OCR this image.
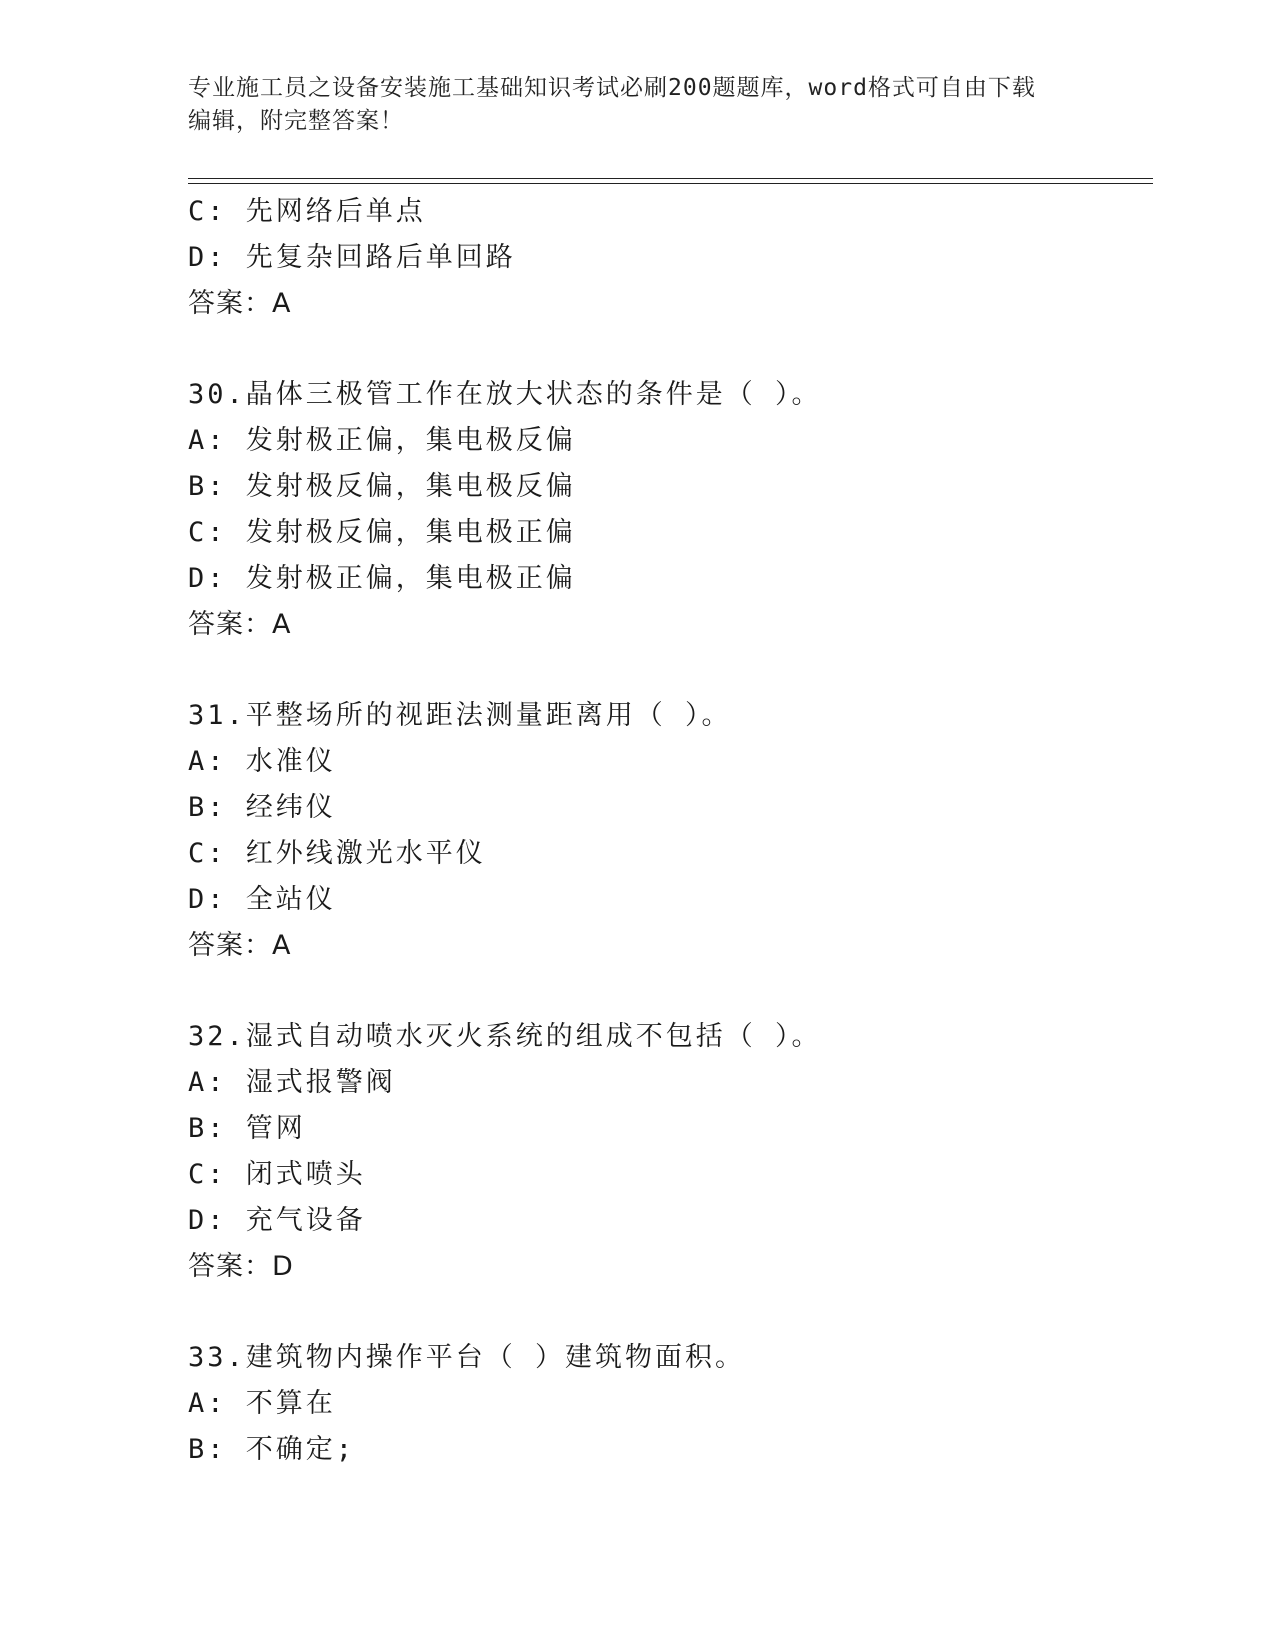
专业施工员之设备安装施工基础知识考试必刷200题题库，word格式可自由下载
编辑，附完整答案！
C: 先网络后单点
D: 先复杂回路后单回路
答案：A
30.晶体三极管工作在放大状态的条件是（ ）。
A: 发射极正偏，集电极反偏
B: 发射极反偏，集电极反偏
C: 发射极反偏，集电极正偏
D: 发射极正偏，集电极正偏
答案：A
31.平整场所的视距法测量距离用（ ）。
A: 水准仪
B: 经纬仪
C: 红外线激光水平仪
D: 全站仪
答案：A
32.湿式自动喷水灭火系统的组成不包括（ ）。
A: 湿式报警阀
B: 管网
C: 闭式喷头
D: 充气设备
答案：D
33.建筑物内操作平台（ ）建筑物面积。
A: 不算在
B: 不确定;
